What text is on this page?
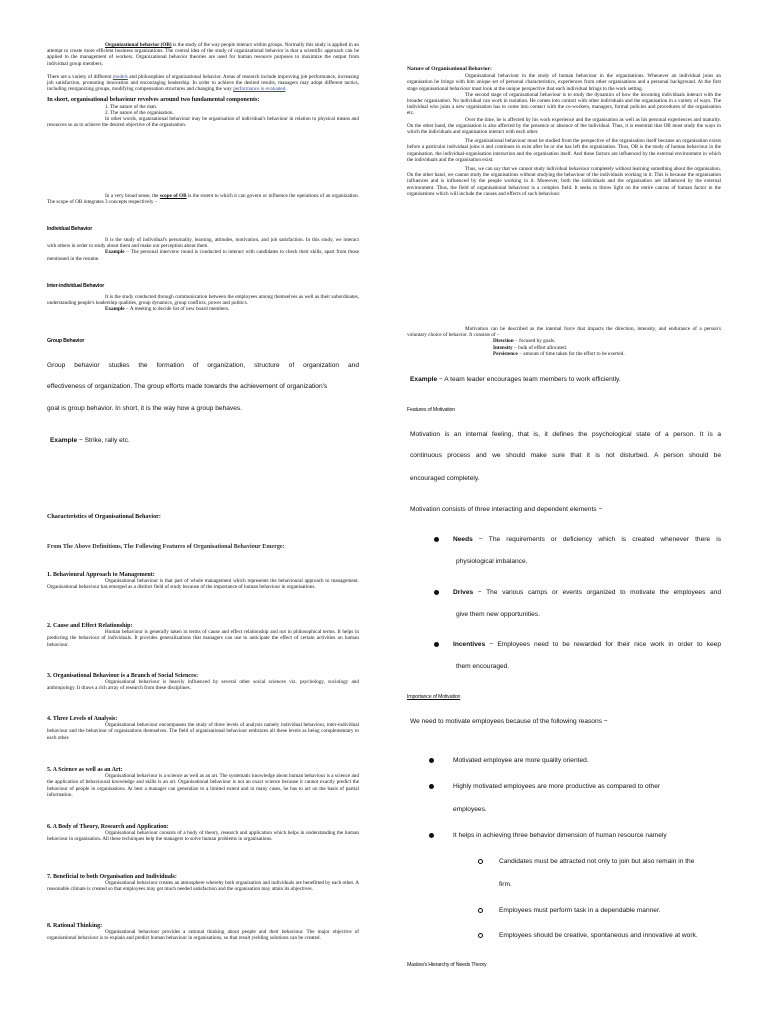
Organizational behavior (OB) is the study of the way people interact within groups. Normally this study is applied in an attempt to create more efficient business organizations. The central idea of the study of organizational behavior is that a scientific approach can be applied to the management of workers. Organizational behavior theories are used for human resource purposes to maximize the output from individual group members.

There are a variety of different models and philosophies of organizational behavior. Areas of research include improving job performance, increasing job satisfaction, promoting innovation and encouraging leadership. In order to achieve the desired results, managers may adopt different tactics, including reorganizing groups, modifying compensation structures and changing the way performance is evaluated.

In short, organisational behaviour revolves around two fundamental components:
1. The nature of the man.
2. The nature of the organisation.

In other words, organisational behaviour may be organisation of individual's behaviour in relation to physical means and resources so as to achieve the desired objective of the organisation.

In a very broad sense, the scope of OB is the extent to which it can govern or influence the operations of an organization. The scope of OB integrates 3 concepts respectively −

Individual Behavior

It is the study of individual's personality, learning, attitudes, motivation, and job satisfaction. In this study, we interact with others in order to study about them and make our perception about them.

Example − The personal interview round is conducted to interact with candidates to check their skills, apart from those mentioned in the resume.

Inter-individual Behavior

It is the study conducted through communication between the employees among themselves as well as their subordinates, understanding people's leadership qualities, group dynamics, group conflicts, power and politics.

Example − A meeting to decide list of new board members.

Group Behavior
Group behavior studies the formation of organization, structure of organization and
effectiveness of organization. The group efforts made towards the achievement of organization's
goal is group behavior. In short, it is the way how a group behaves.
Example − Strike, rally etc.
Characteristics of Organisational Behavior:
From The Above Definitions, The Following Features of Organisational Behaviour Emerge:
1. Behavioural Approach to Management:

Organisational behaviour is that part of whole management which represents the behavioural approach to management. Organisational behaviour has emerged as a distinct field of study because of the importance of human behaviour in organisations.

2. Cause and Effect Relationship:

Human behaviour is generally taken in terms of cause and effect relationship and not in philosophical terms. It helps in predicting the behaviour of individuals. It provides generalizations that managers can use to anticipate the effect of certain activities on human behaviour.

3. Organisational Behaviour is a Branch of Social Sciences:

Organisational behaviour is heavily influenced by several other social sciences viz. psychology, sociology and anthropology. It draws a rich array of research from these disciplines.

4. Three Levels of Analysis:

Organisational behaviour encompasses the study of three levels of analysis namely individual behaviour, inter-individual behaviour and the behaviour of organisations themselves. The field of organisational behaviour embraces all these levels as being complementary to each other.

5. A Science as well as an Art:

Organisational behaviour is a science as well as an art. The systematic knowledge about human behaviour is a science and the application of behavioural knowledge and skills is an art. Organisational behaviour is not an exact science because it cannot exactly predict the behaviour of people in organisations. At best a manager can generalize to a limited extent and in many cases, he has to act on the basis of partial information.

6. A Body of Theory, Research and Application:

Organisational behaviour consists of a body of theory, research and application which helps in understanding the human behaviour in organisation. All these techniques help the managers to solve human problems in organisations.

7. Beneficial to both Organisation and Individuals:

Organisational behaviour creates an atmosphere whereby both organisation and individuals are benefitted by each other. A reasonable climate is created so that employees may get much needed satisfaction and the organisation may attain its objectives.

8. Rational Thinking:

Organisational behaviour provides a rational thinking about people and their behaviour. The major objective of organisational behaviour is to explain and predict human behaviour in organisations, so that result yielding solutions can be created.

Nature of Organisational Behavior:

Organisational behaviour in the study of human behaviour in the organisations. Whenever an individual joins an organisation he brings with him unique set of personal characteristics, experiences from other organisations and a personal background. At the first stage organisational behaviour must look at the unique perspective that each individual brings to the work setting.

The second stage of organisational behaviour is to study the dynamics of how the incoming individuals interact with the broader organisation. No individual can work in isolation. He comes into contact with other individuals and the organisation in a variety of ways. The individual who joins a new organisation has to come into contact with the co-workers, managers, formal policies and procedures of the organisation etc.

Over the time, he is affected by his work experience and the organisation as well as his personal experiences and maturity. On the other hand, the organisation is also affected by the presence or absence of the individual. Thus, it is essential that OB must study the ways in which the individuals and organisation interact with each other.

The organisational behaviour must be studied from the perspective of the organisation itself because an organisation exists before a particular individual joins it and continues to exist after he or she has left the organisation. Thus, OB is the study of human behaviour in the organisation, the individual-organisation interaction and the organisation itself. And these factors are influenced by the external environment in which the individuals and the organisation exist.

Thus, we can say that we cannot study individual behaviour completely without learning something about the organisation. On the other hand, we cannot study the organisations without studying the behaviour of the individuals working in it. This is because the organisation influences and is influenced by the people working in it. Moreover, both the individuals and the organisation are influenced by the external environment. Thus, the field of organisational behaviour is a complex field. It seeks to throw light on the entire canvas of human factor in the organisations which will include the causes and effects of such behaviour.

Motivation can be described as the internal force that impacts the direction, intensity, and endurance of a person's voluntary choice of behavior. It consists of −

Direction − focused by goals.
Intensity − bulk of effort allocated.
Persistence − amount of time taken for the effort to be exerted.
Example − A team leader encourages team members to work efficiently.
Features of Motivation
Motivation is an internal feeling, that is, it defines the psychological state of a person. It is a
continuous process and we should make sure that it is not disturbed. A person should be
encouraged completely.
Motivation consists of three interacting and dependent elements −
Needs − The requirements or deficiency which is created whenever there is
physiological imbalance.
Drives − The various camps or events organized to motivate the employees and
give them new opportunities.
Incentives − Employees need to be rewarded for their nice work in order to keep
them encouraged.
Importance of Motivation
We need to motivate employees because of the following reasons −
Motivated employee are more quality oriented.
Highly motivated employees are more productive as compared to other
employees.
It helps in achieving three behavior dimension of human resource namely
Candidates must be attracted not only to join but also remain in the
firm.
Employees must perform task in a dependable manner.
Employees should be creative, spontaneous and innovative at work.
Maslow's Hierarchy of Needs Theory
